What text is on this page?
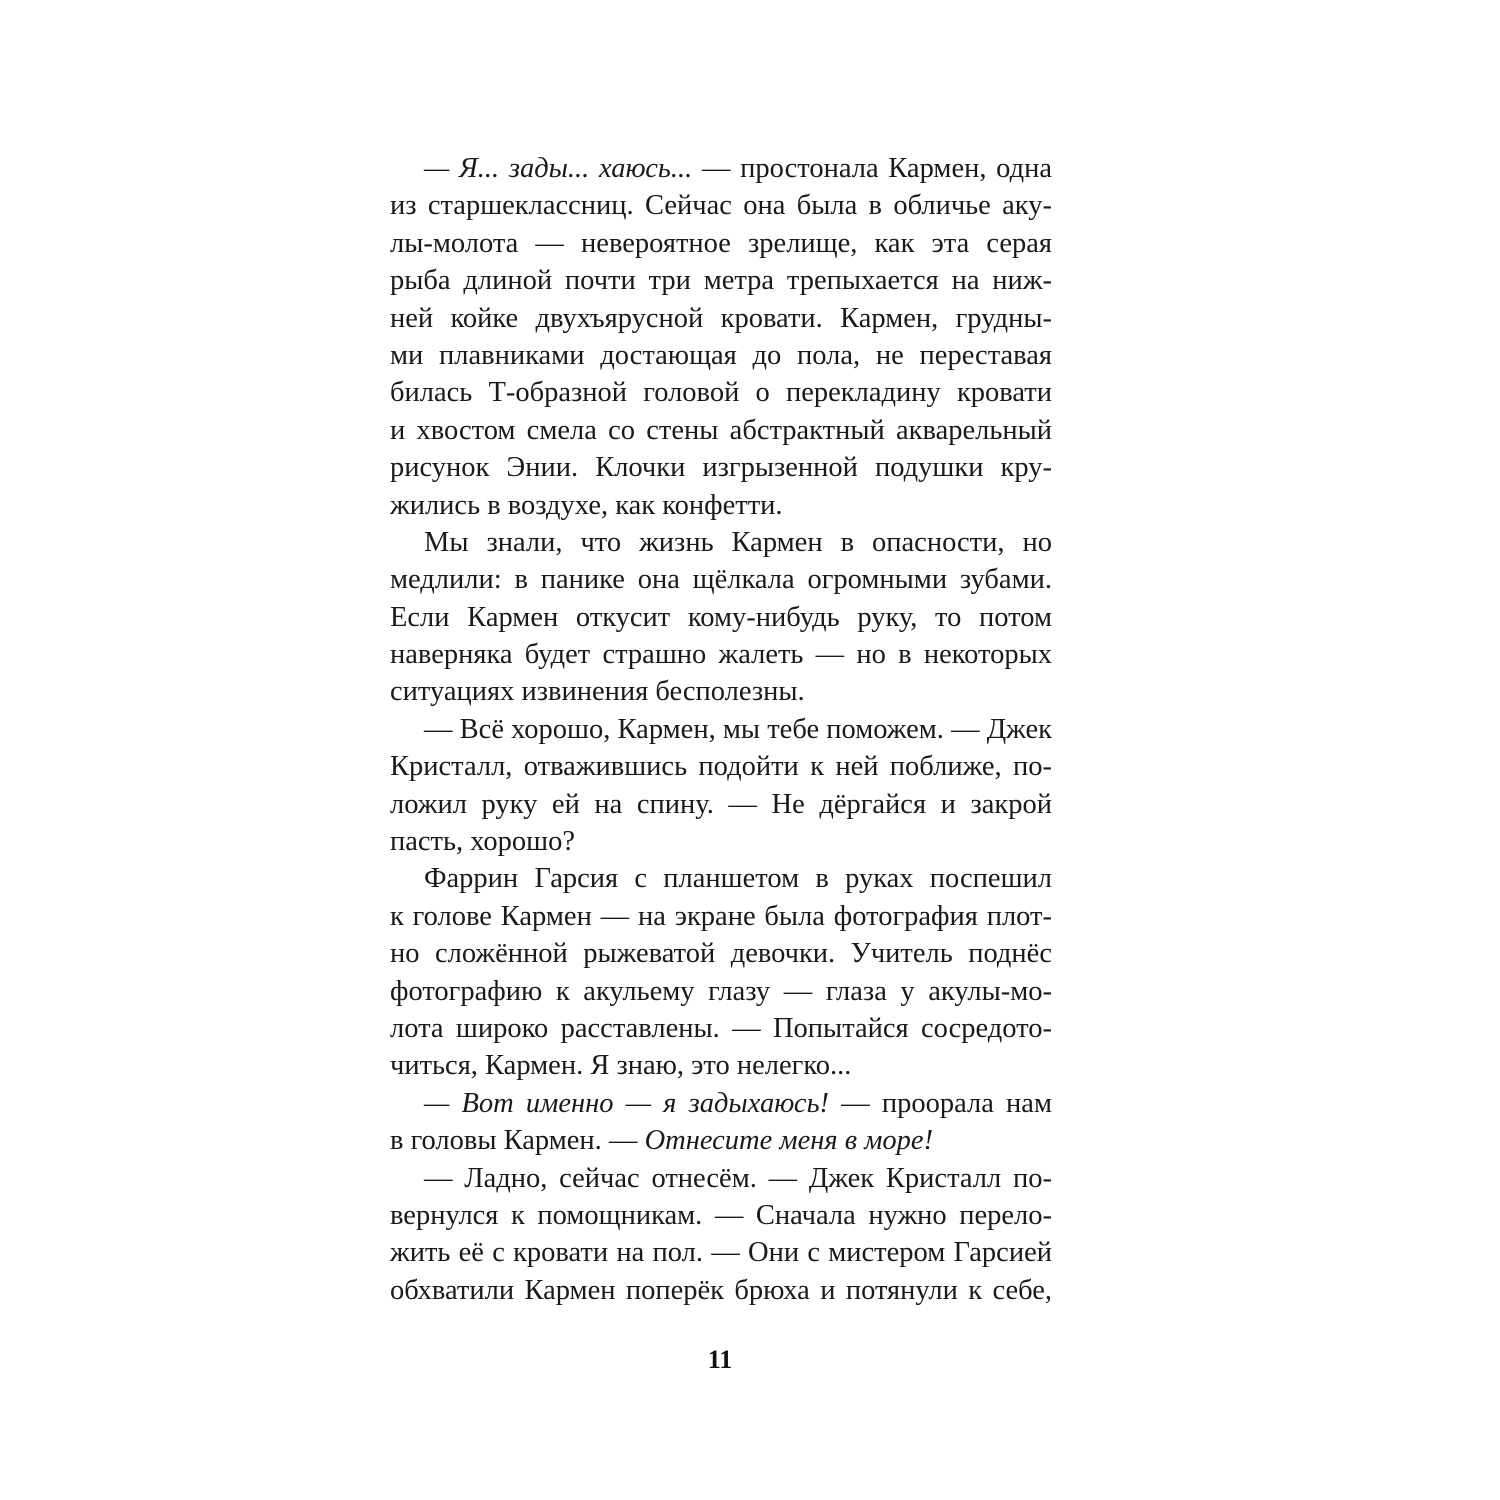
— Я... зады... хаюсь... — простонала Кармен, одна
из старшеклассниц. Сейчас она была в обличье аку-
лы-молота — невероятное зрелище, как эта серая
рыба длиной почти три метра трепыхается на ниж-
ней койке двухъярусной кровати. Кармен, грудны-
ми плавниками достающая до пола, не переставая
билась Т-образной головой о перекладину кровати
и хвостом смела со стены абстрактный акварельный
рисунок Энии. Клочки изгрызенной подушки кру-
жились в воздухе, как конфетти.
Мы знали, что жизнь Кармен в опасности, но
медлили: в панике она щёлкала огромными зубами.
Если Кармен откусит кому-нибудь руку, то потом
наверняка будет страшно жалеть — но в некоторых
ситуациях извинения бесполезны.
— Всё хорошо, Кармен, мы тебе поможем. — Джек
Кристалл, отважившись подойти к ней поближе, по-
ложил руку ей на спину. — Не дёргайся и закрой
пасть, хорошо?
Фаррин Гарсия с планшетом в руках поспешил
к голове Кармен — на экране была фотография плот-
но сложённой рыжеватой девочки. Учитель поднёс
фотографию к акульему глазу — глаза у акулы-мо-
лота широко расставлены. — Попытайся сосредото-
читься, Кармен. Я знаю, это нелегко...
— Вот именно — я задыхаюсь! — проорала нам
в головы Кармен. — Отнесите меня в море!
— Ладно, сейчас отнесём. — Джек Кристалл по-
вернулся к помощникам. — Сначала нужно перело-
жить её с кровати на пол. — Они с мистером Гарсией
обхватили Кармен поперёк брюха и потянули к себе,
11
